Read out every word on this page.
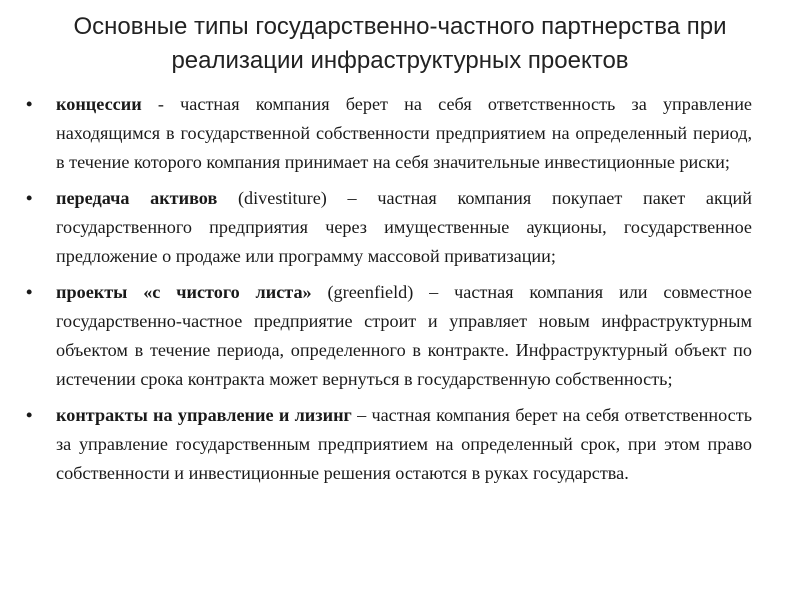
Основные типы государственно-частного партнерства при
реализации инфраструктурных проектов
•	концессии - частная компания берет на себя ответственность за управление находящимся в государственной собственности предприятием на определенный период, в течение которого компания принимает на себя значительные инвестиционные риски;
•	передача активов (divestiture) – частная компания покупает пакет акций государственного предприятия через имущественные аукционы, государственное предложение о продаже или программу массовой приватизации;
•	проекты «с чистого листа» (greenfield) – частная компания или совместное государственно-частное предприятие строит и управляет новым инфраструктурным объектом в течение периода, определенного в контракте. Инфраструктурный объект по истечении срока контракта может вернуться в государственную собственность;
•	контракты на управление и лизинг – частная компания берет на себя ответственность за управление государственным предприятием на определенный срок, при этом право собственности и инвестиционные решения остаются в руках государства.
